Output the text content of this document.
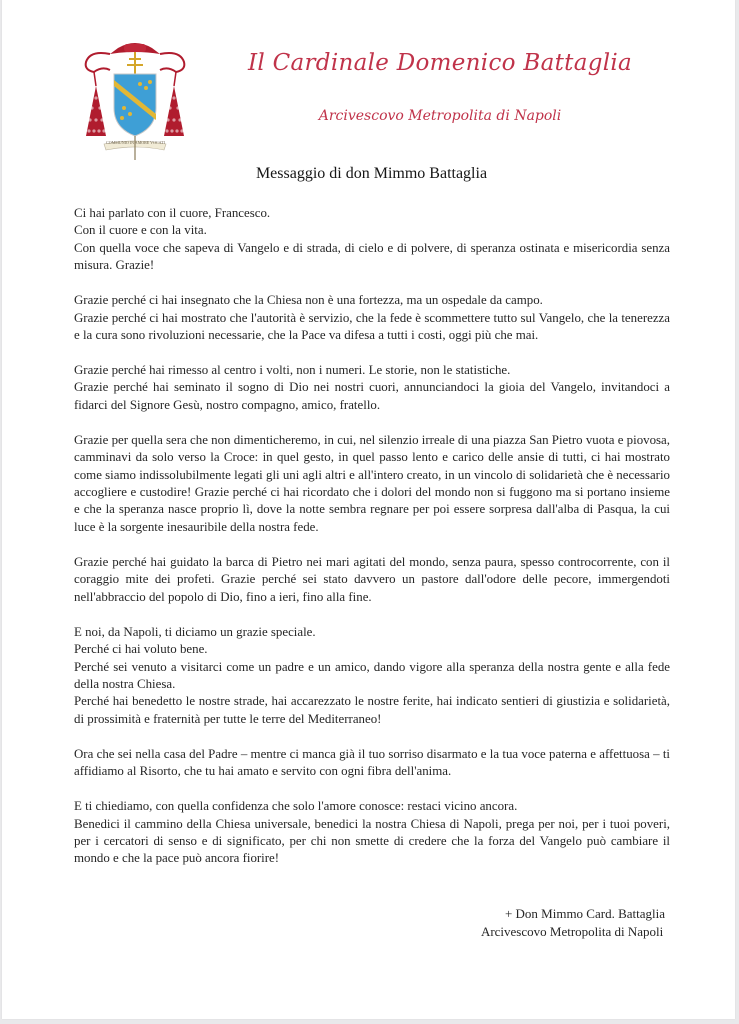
COMMUNIO IN AMORE VOCATI
Il Cardinale Domenico Battaglia
Arcivescovo Metropolita di Napoli
Messaggio di don Mimmo Battaglia
Ci hai parlato con il cuore, Francesco.
Con il cuore e con la vita.
Con quella voce che sapeva di Vangelo e di strada, di cielo e di polvere, di speranza ostinata e misericordia senza misura. Grazie!
Grazie perché ci hai insegnato che la Chiesa non è una fortezza, ma un ospedale da campo.
Grazie perché ci hai mostrato che l'autorità è servizio, che la fede è scommettere tutto sul Vangelo, che la tenerezza e la cura sono rivoluzioni necessarie, che la Pace va difesa a tutti i costi, oggi più che mai.
Grazie perché hai rimesso al centro i volti, non i numeri. Le storie, non le statistiche.
Grazie perché hai seminato il sogno di Dio nei nostri cuori, annunciandoci la gioia del Vangelo, invitandoci a fidarci del Signore Gesù, nostro compagno, amico, fratello.
Grazie per quella sera che non dimenticheremo, in cui, nel silenzio irreale di una piazza San Pietro vuota e piovosa, camminavi da solo verso la Croce: in quel gesto, in quel passo lento e carico delle ansie di tutti, ci hai mostrato come siamo indissolubilmente legati gli uni agli altri e all'intero creato, in un vincolo di solidarietà che è necessario accogliere e custodire! Grazie perché ci hai ricordato che i dolori del mondo non si fuggono ma si portano insieme e che la speranza nasce proprio lì, dove la notte sembra regnare per poi essere sorpresa dall'alba di Pasqua, la cui luce è la sorgente inesauribile della nostra fede.
Grazie perché hai guidato la barca di Pietro nei mari agitati del mondo, senza paura, spesso controcorrente, con il coraggio mite dei profeti. Grazie perché sei stato davvero un pastore dall'odore delle pecore, immergendoti nell'abbraccio del popolo di Dio, fino a ieri, fino alla fine.
E noi, da Napoli, ti diciamo un grazie speciale.
Perché ci hai voluto bene.
Perché sei venuto a visitarci come un padre e un amico, dando vigore alla speranza della nostra gente e alla fede della nostra Chiesa.
Perché hai benedetto le nostre strade, hai accarezzato le nostre ferite, hai indicato sentieri di giustizia e solidarietà, di prossimità e fraternità per tutte le terre del Mediterraneo!
Ora che sei nella casa del Padre – mentre ci manca già il tuo sorriso disarmato e la tua voce paterna e affettuosa – ti affidiamo al Risorto, che tu hai amato e servito con ogni fibra dell'anima.
E ti chiediamo, con quella confidenza che solo l'amore conosce: restaci vicino ancora.
Benedici il cammino della Chiesa universale, benedici la nostra Chiesa di Napoli, prega per noi, per i tuoi poveri, per i cercatori di senso e di significato, per chi non smette di credere che la forza del Vangelo può cambiare il mondo e che la pace può ancora fiorire!
+ Don Mimmo Card. Battaglia
Arcivescovo Metropolita di Napoli
